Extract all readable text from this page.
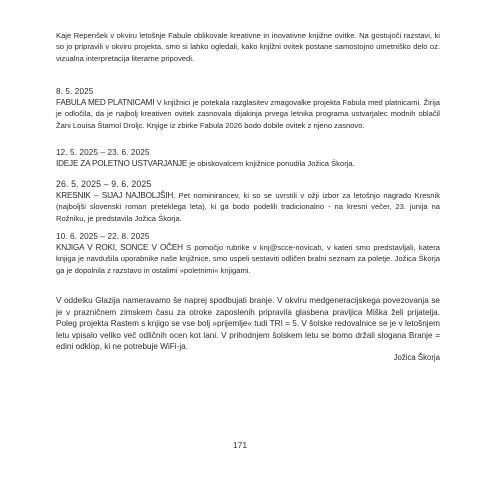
Kaje Repenšek v okviru letošnje Fabule oblikovale kreativne in inovativne knjižne ovitke. Na gostujoči razstavi, ki so jo pripravili v okviru projekta, smo si lahko ogledali, kako knjižni ovitek postane samostojno umetniško delo oz. vizualna interpretacija literarne pripovedi.

8. 5. 2025

FABULA MED PLATNICAMI V knjižnici je potekala razglasitev zmagovalke projekta Fabula med platnicami. Žirija je odločila, da je najbolj kreativen ovitek zasnovala dijakinja prvega letnika programa ustvarjalec modnih oblačil Žani Louisa Štamol Droljc. Knjige iz zbirke Fabula 2026 bodo dobile ovitek z njeno zasnovo.

12. 5. 2025 – 23. 6. 2025

IDEJE ZA POLETNO USTVARJANJE je obiskovalcem knjižnice ponudila Jožica Škorja.

26. 5. 2025 – 9. 6. 2025

KRESNIK – SIJAJ NAJBOLJŠIH. Pet nominirancev, ki so se uvrstili v ožji izbor za letošnjo nagrado Kresnik (najboljši slovenski roman preteklega leta), ki ga bodo podelili tradicionalno - na kresni večer, 23. junija na Rožniku, je predstavila Jožica Škorja.

10. 6. 2025 – 22. 8. 2025

KNJIGA V ROKI, SONCE V OČEH S pomočjo rubrike v knj@scce-novicah, v kateri smo predstavljali, katera knjiga je navdušila uporabnike naše knjižnice, smo uspeli sestaviti odličen bralni seznam za poletje. Jožica Škorja ga je dopolnila z razstavo in ostalimi »poletnimi« knjigami.

V oddelku Glazija nameravamo še naprej spodbujati branje. V okviru medgeneracijskega povezovanja se je v prazničnem zimskem času za otroke zaposlenih pripravila glasbena pravljica Miška želi prijatelja. Poleg projekta Rastem s knjigo se vse bolj »prijemlje« tudi TRI = 5. V šolske redovalnice se je v letošnjem letu vpisalo veliko več odličnih ocen kot lani. V prihodnjem šolskem letu se bomo držali slogana Branje = edini odklop, ki ne potrebuje WiFi-ja.

Jožica Škorja
171
